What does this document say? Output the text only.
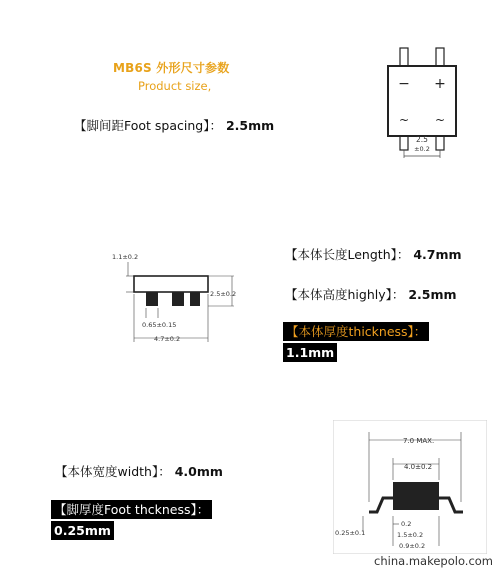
MB6S 外形尺寸参数
Product size,
【脚间距Foot spacing】： 2.5mm
− +
~ ~
2.5
±0.2
1.1±0.2
2.5±0.2
0.65±0.15
4.7±0.2
【本体长度Length】： 4.7mm
【本体高度highly】： 2.5mm
【本体厚度thickness】：
1.1mm
【本体宽度width】： 4.0mm
【脚厚度Foot thckness】：
0.25mm
7.0 MAX.
4.0±0.2
0.25±0.1
0.2
1.5±0.2
0.9±0.2
china.makepolo.com
